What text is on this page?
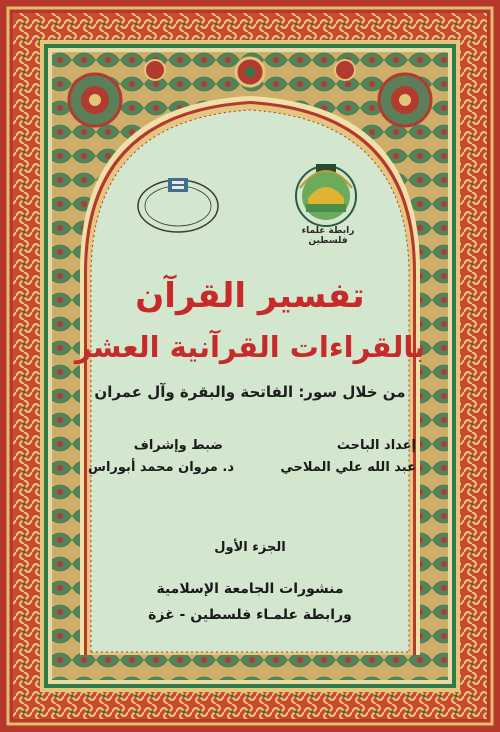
رابطة علماء فلسطين
تفسير القرآن
بالقراءات القرآنية العشر
من خلال سور: الفاتحة والبقرة وآل عمران
إعداد الباحث
عبد الله علي الملاحي
ضبط وإشراف
د. مروان محمد أبوراس
الجزء الأول
منشورات الجامعة الإسلامية
ورابطة علمـاء فلسطين - غزة
